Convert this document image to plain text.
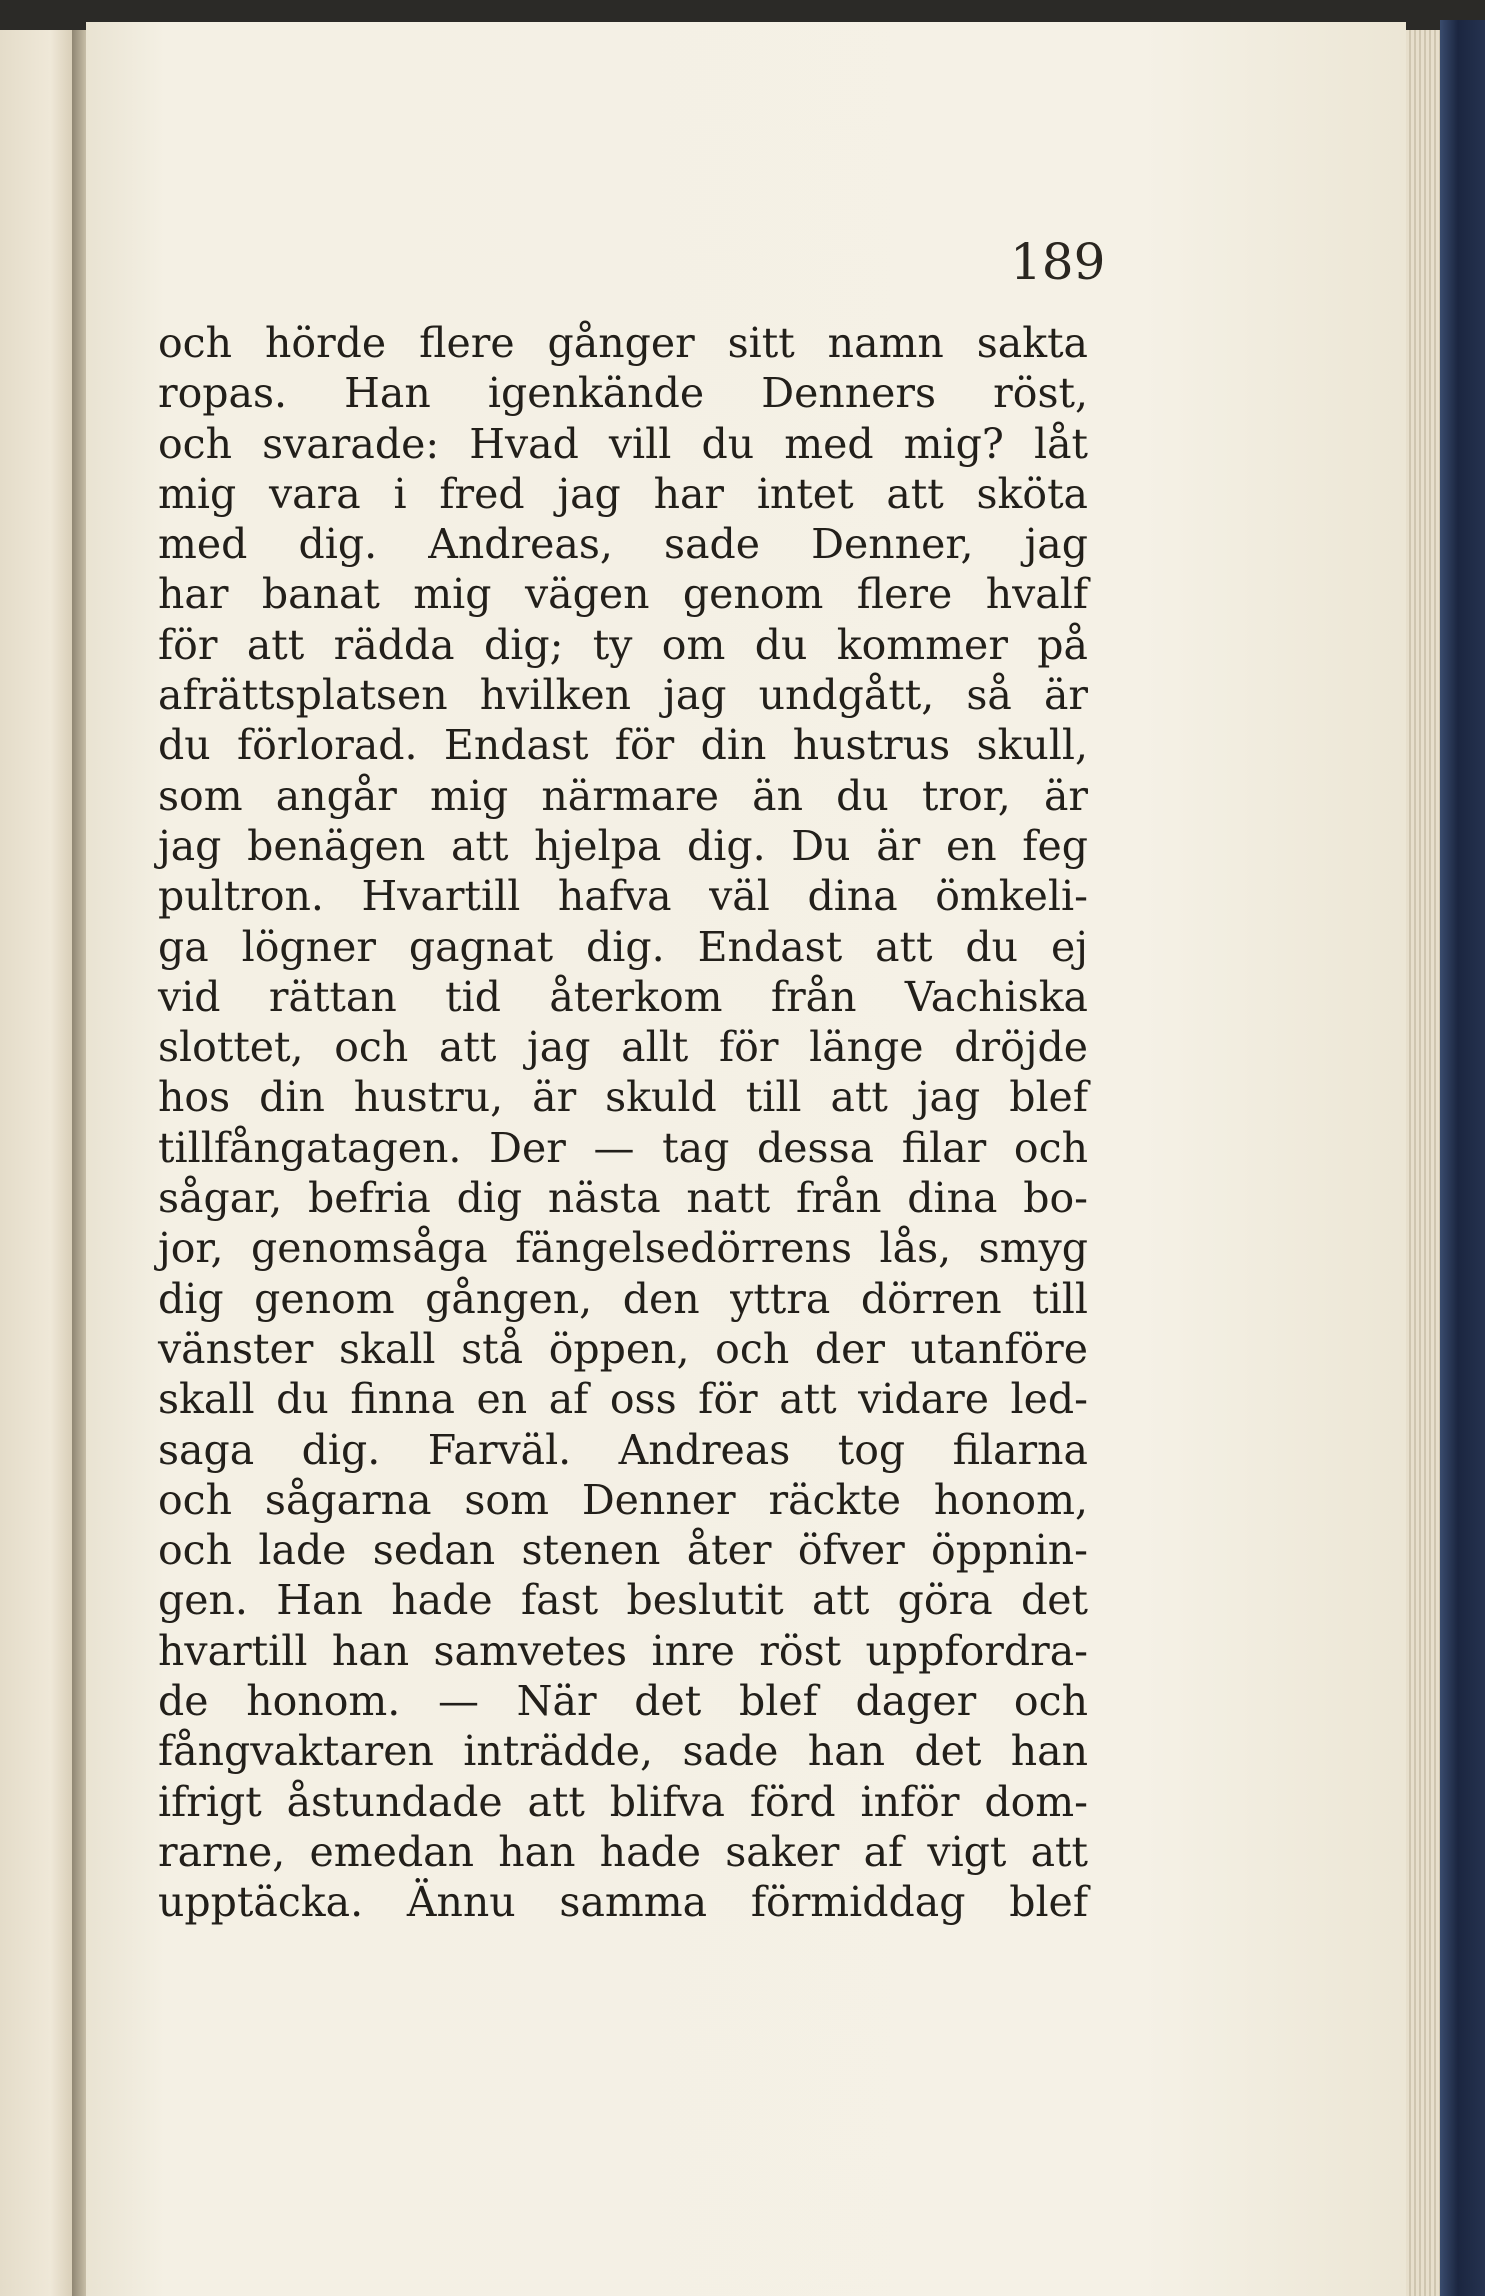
189
och hörde flere gånger sitt namn sakta
ropas. Han igenkände Denners röst,
och svarade: Hvad vill du med mig? låt
mig vara i fred jag har intet att sköta
med dig. Andreas, sade Denner, jag
har banat mig vägen genom flere hvalf
för att rädda dig; ty om du kommer på
afrättsplatsen hvilken jag undgått, så är
du förlorad. Endast för din hustrus skull,
som angår mig närmare än du tror, är
jag benägen att hjelpa dig. Du är en feg
pultron. Hvartill hafva väl dina ömkeli-
ga lögner gagnat dig. Endast att du ej
vid rättan tid återkom från Vachiska
slottet, och att jag allt för länge dröjde
hos din hustru, är skuld till att jag blef
tillfångatagen. Der — tag dessa filar och
sågar, befria dig nästa natt från dina bo-
jor, genomsåga fängelsedörrens lås, smyg
dig genom gången, den yttra dörren till
vänster skall stå öppen, och der utanföre
skall du finna en af oss för att vidare led-
saga dig. Farväl. Andreas tog filarna
och sågarna som Denner räckte honom,
och lade sedan stenen åter öfver öppnin-
gen. Han hade fast beslutit att göra det
hvartill han samvetes inre röst uppfordra-
de honom. — När det blef dager och
fångvaktaren inträdde, sade han det han
ifrigt åstundade att blifva förd inför dom-
rarne, emedan han hade saker af vigt att
upptäcka. Ännu samma förmiddag blef
